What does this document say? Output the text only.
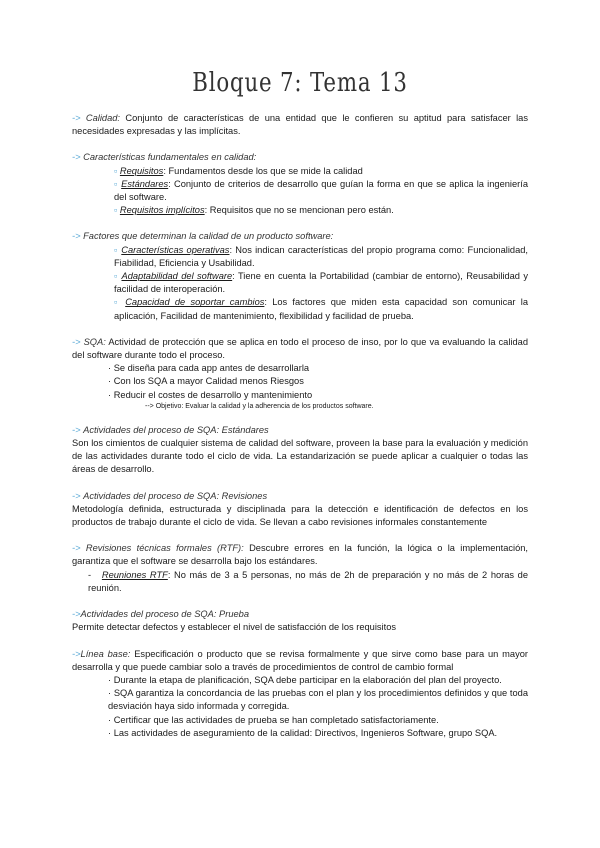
Bloque 7: Tema 13

-> Calidad: Conjunto de características de una entidad que le confieren su aptitud para satisfacer las necesidades expresadas y las implícitas.

-> Características fundamentales en calidad:

▫ Requisitos: Fundamentos desde los que se mide la calidad

▫ Estándares: Conjunto de criterios de desarrollo que guían la forma en que se aplica la ingeniería del software.

▫ Requisitos implícitos: Requisitos que no se mencionan pero están.

-> Factores que determinan la calidad de un producto software:

▫ Características operativas: Nos indican características del propio programa como: Funcionalidad, Fiabilidad, Eficiencia y Usabilidad.

▫ Adaptabilidad del software: Tiene en cuenta la Portabilidad (cambiar de entorno), Reusabilidad y facilidad de interoperación.

▫ Capacidad de soportar cambios: Los factores que miden esta capacidad son comunicar la aplicación, Facilidad de mantenimiento, flexibilidad y facilidad de prueba.

-> SQA: Actividad de protección que se aplica en todo el proceso de inso, por lo que va evaluando la calidad del software durante todo el proceso.

· Se diseña para cada app antes de desarrollarla

· Con los SQA a mayor Calidad menos Riesgos

· Reducir el costes de desarrollo y mantenimiento

--> Objetivo: Evaluar la calidad y la adherencia de los productos software.

-> Actividades del proceso de SQA: Estándares

Son los cimientos de cualquier sistema de calidad del software, proveen la base para la evaluación y medición de las actividades durante todo el ciclo de vida. La estandarización se puede aplicar a cualquier o todas las áreas de desarrollo.

-> Actividades del proceso de SQA: Revisiones

Metodología definida, estructurada y disciplinada para la detección e identificación de defectos en los productos de trabajo durante el ciclo de vida. Se llevan a cabo revisiones informales constantemente

-> Revisiones técnicas formales (RTF): Descubre errores en la función, la lógica o la implementación, garantiza que el software se desarrolla bajo los estándares.

-   Reuniones RTF: No más de 3 a 5 personas, no más de 2h de preparación y no más de 2 horas de reunión.

->Actividades del proceso de SQA: Prueba

Permite detectar defectos y establecer el nivel de satisfacción de los requisitos

->Línea base: Especificación o producto que se revisa formalmente y que sirve como base para un mayor desarrolla y que puede cambiar solo a través de procedimientos de control de cambio formal

· Durante la etapa de planificación, SQA debe participar en la elaboración del plan del proyecto.

· SQA garantiza la concordancia de las pruebas con el plan y los procedimientos definidos y que toda desviación haya sido informada y corregida.

· Certificar que las actividades de prueba se han completado satisfactoriamente.

· Las actividades de aseguramiento de la calidad: Directivos, Ingenieros Software, grupo SQA.
